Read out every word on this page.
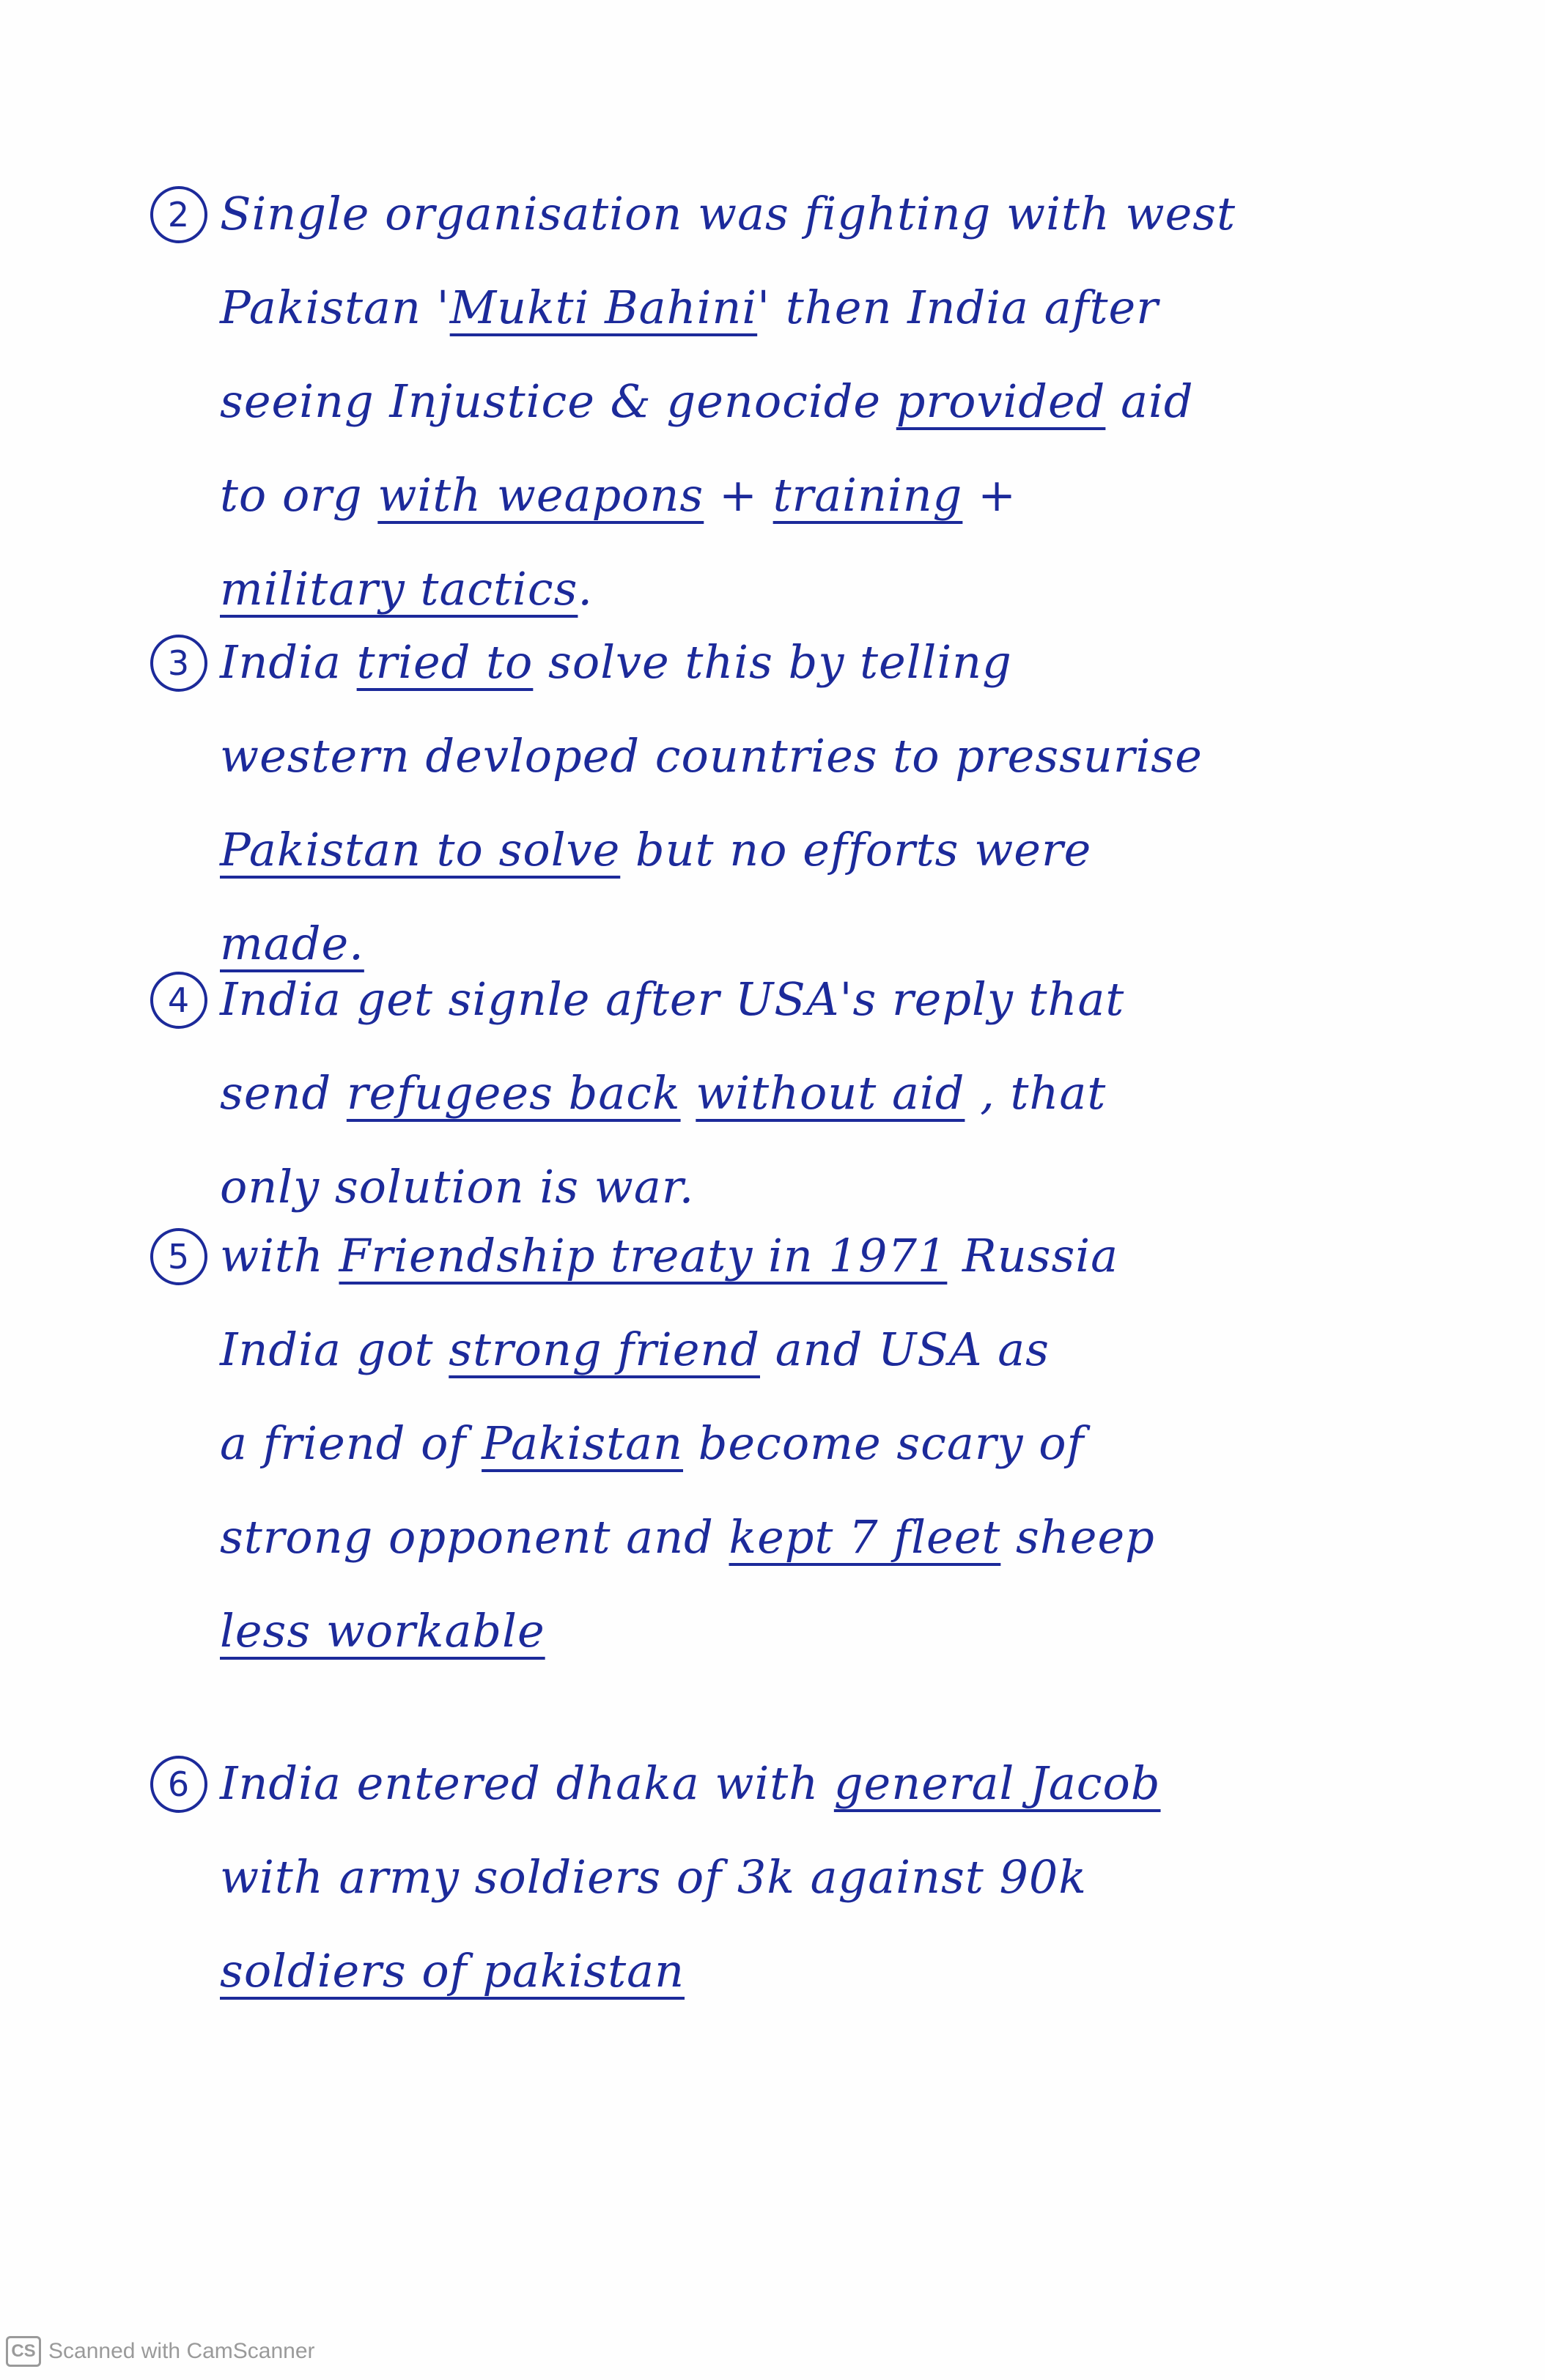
2 Single organisation was fighting with west
Pakistan 'Mukti Bahini' then India after
seeing Injustice & genocide provided aid
to org with weapons + training +
military tactics.
3 India tried to solve this by telling
western devloped countries to pressurise
Pakistan to solve but no efforts were
made.
4 India get signle after USA's reply that
send refugees back without aid , that
only solution is war.
5 with Friendship treaty in 1971 Russia
India got strong friend and USA as
a friend of Pakistan become scary of
strong opponent and kept 7 fleet sheep
less workable
6 India entered dhaka with general Jacob
with army soldiers of 3k against 90k
soldiers of pakistan
CS Scanned with CamScanner
